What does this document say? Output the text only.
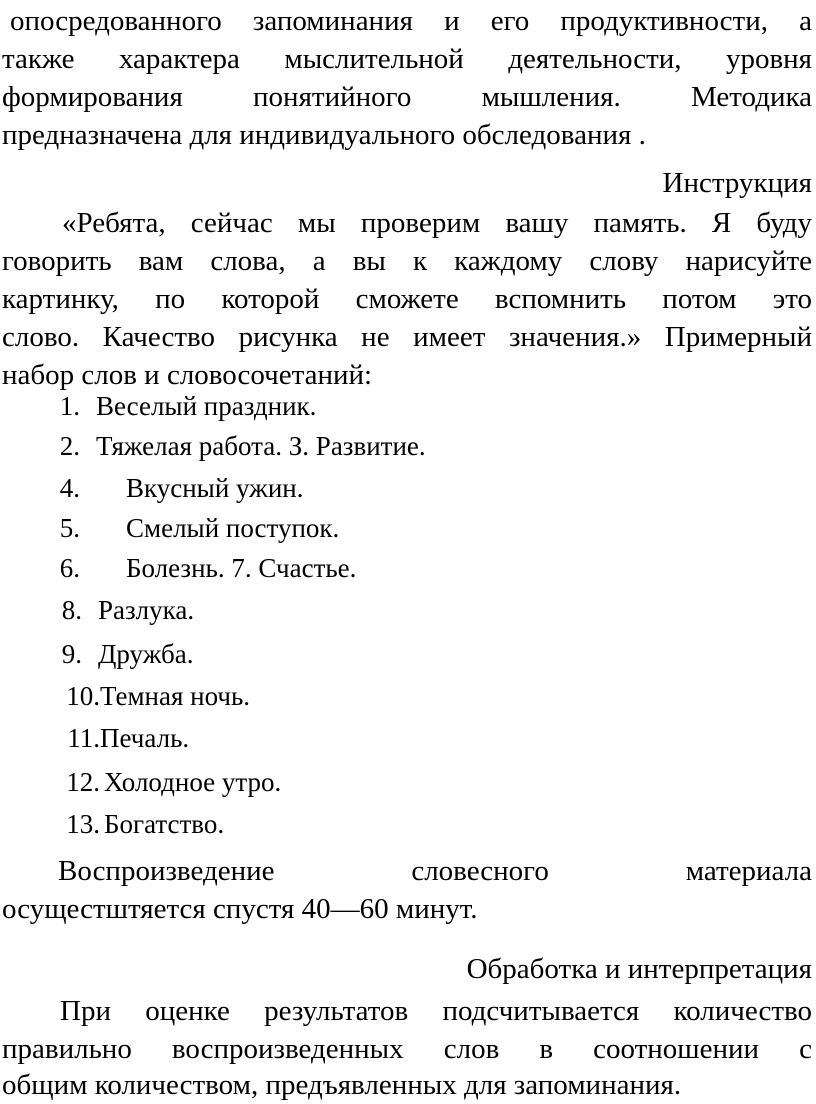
опосредованного запоминания и его продуктивности, а
также характера мыслительной деятельности, уровня
формирования понятийного мышления. Методика
предназначена для индивидуального обследования .
Инструкция
«Ребята, сейчас мы проверим вашу память. Я буду
говорить вам слова, а вы к каждому слову нарисуйте
картинку, по которой сможете вспомнить потом это
слово. Качество рисунка не имеет значения.» Примерный
набор слов и словосочетаний:
1. Веселый праздник.
2. Тяжелая работа. З. Развитие.
4. Вкусный ужин.
5. Смелый поступок.
6. Болезнь. 7. Счастье.
8. Разлука.
9. Дружба.
10. Темная ночь.
11. Печаль.
12. Холодное утро.
13. Богатство.
Воспроизведение словесного материала
осущестштяется спустя 40—60 минут.
Обработка и интерпретация
При оценке результатов подсчитывается количество
правильно воспроизведенных слов в соотношении с
общим количеством, предъявленных для запоминания.
